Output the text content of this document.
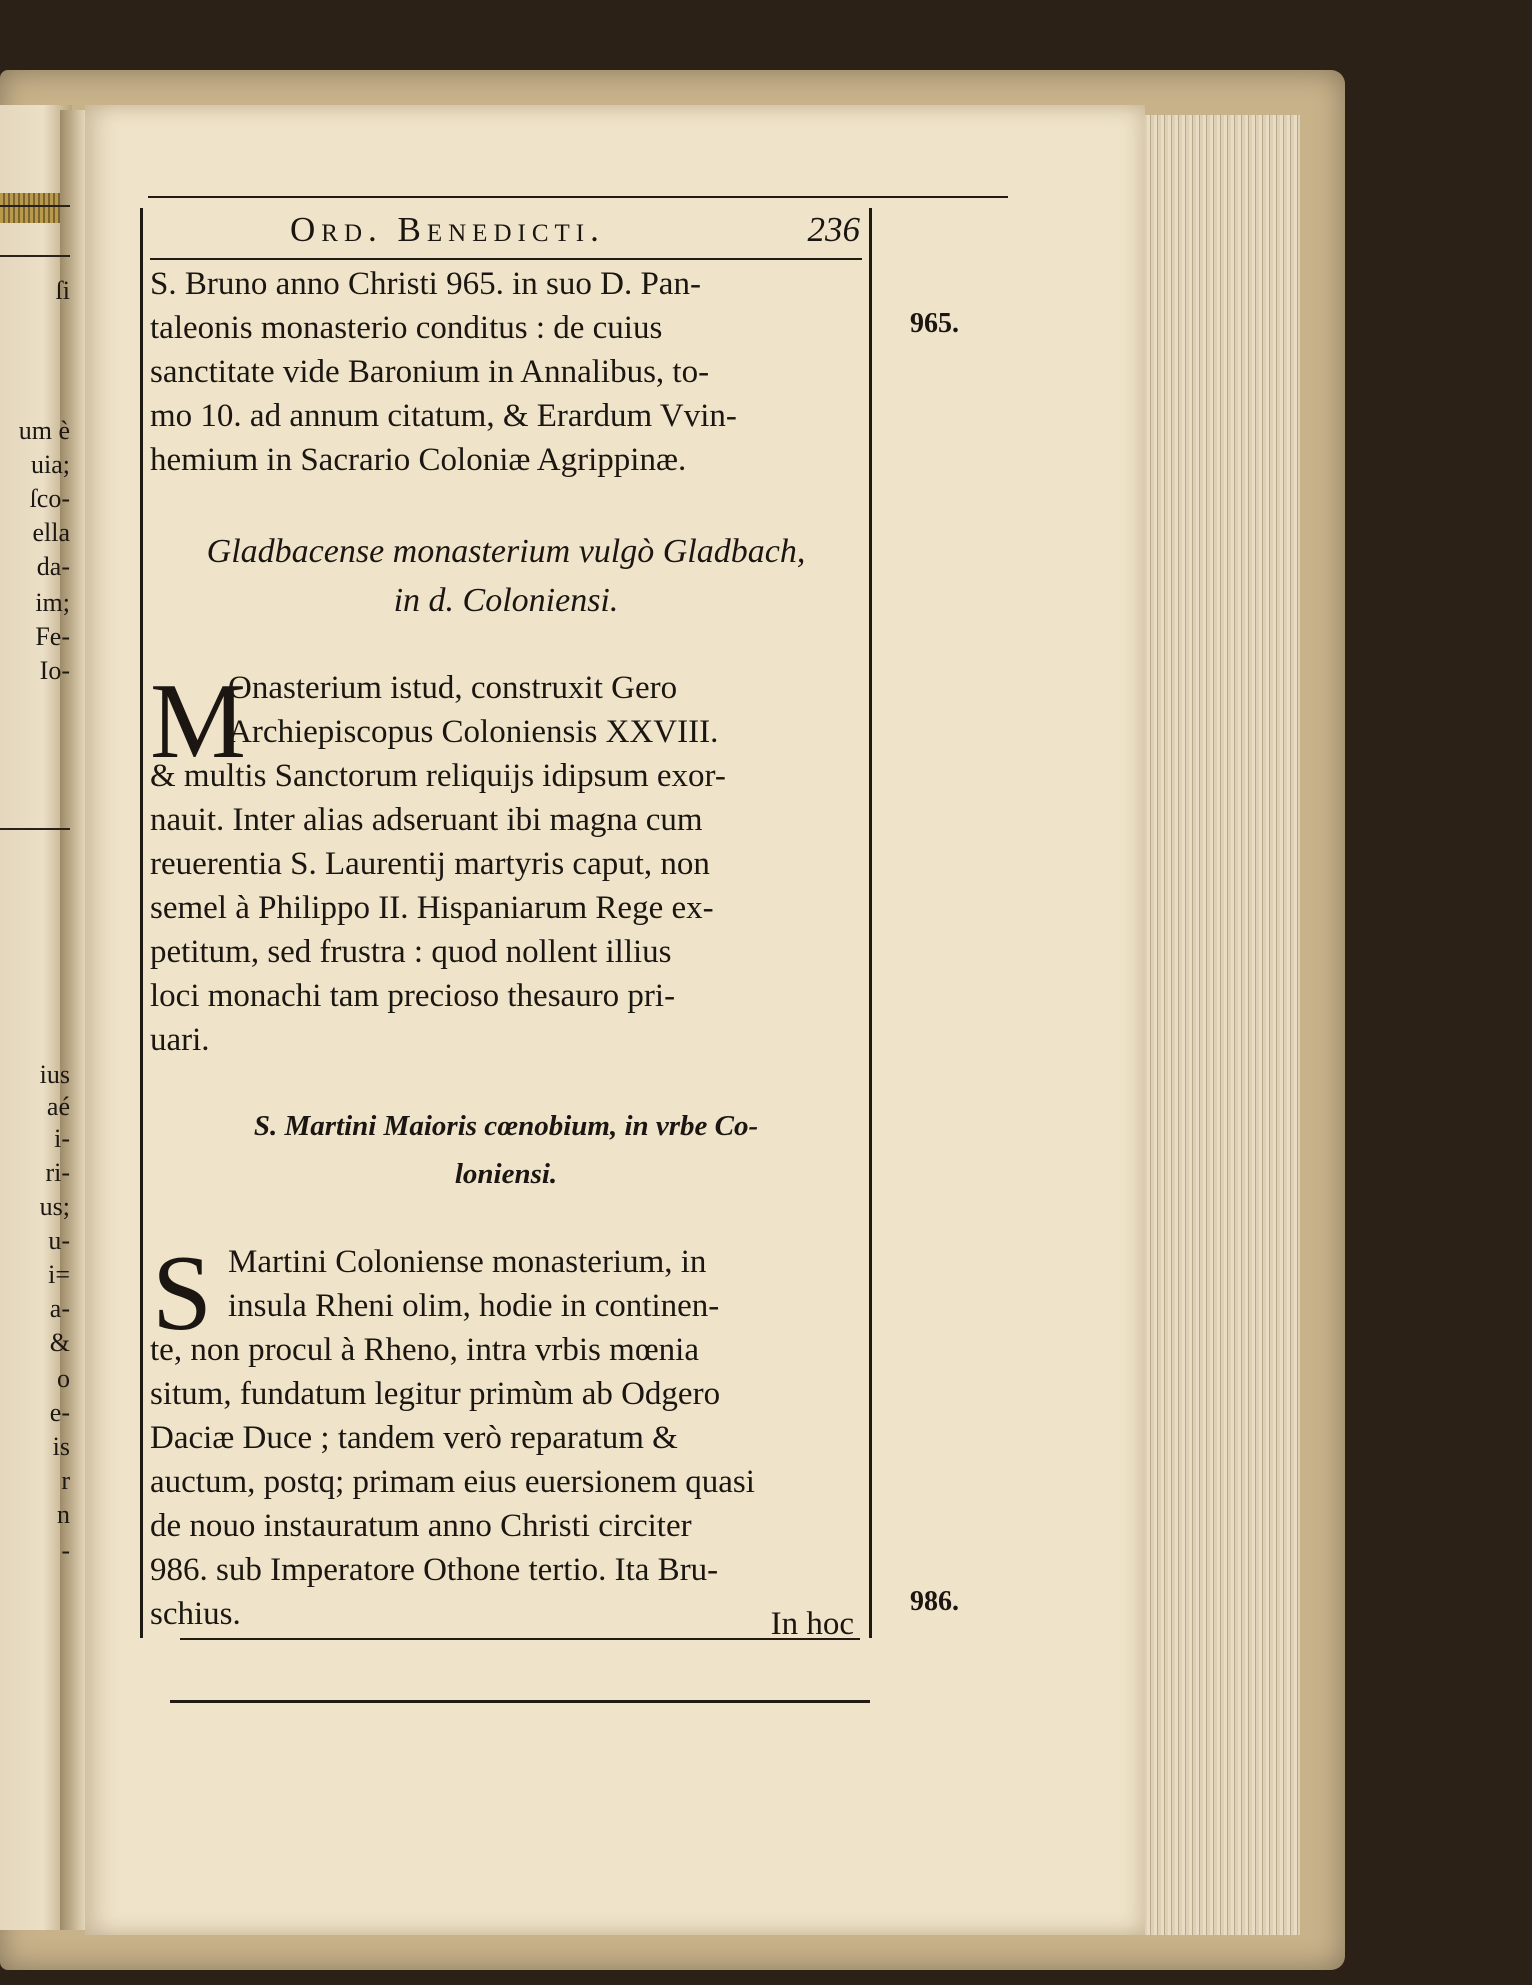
ſi
um è
uia;
ſco-
ella
da-
im;
Fe-
Io-
ius
aé
i-
ri-
us;
u-
i=
a-
&
o
e-
is
r
n
-
Ord. Benedicti.	236
S. Bruno anno Christi 965. in suo D. Pan-
taleonis monasterio conditus : de cuius
sanctitate vide Baronium in Annalibus, to-
mo 10. ad annum citatum, & Erardum Vvin-
hemium in Sacrario Coloniæ Agrippinæ.
Gladbacense monasterium vulgò Gladbach,
in d. Coloniensi.
M
Onasterium istud, construxit Gero
Archiepiscopus Coloniensis XXVIII.
& multis Sanctorum reliquijs idipsum exor-
nauit. Inter alias adseruant ibi magna cum
reuerentia S. Laurentij martyris caput, non
semel à Philippo II. Hispaniarum Rege ex-
petitum, sed frustra : quod nollent illius
loci monachi tam precioso thesauro pri-
uari.
S. Martini Maioris cœnobium, in vrbe Co-
loniensi.
S Martini Coloniense monasterium, in
insula Rheni olim, hodie in continen-
te, non procul à Rheno, intra vrbis mœnia
situm, fundatum legitur primùm ab Odgero
Daciæ Duce ; tandem verò reparatum &
auctum, postq; primam eius euersionem quasi
de nouo instauratum anno Christi circiter
986. sub Imperatore Othone tertio. Ita Bru-
schius.
965.
986.
In hoc
